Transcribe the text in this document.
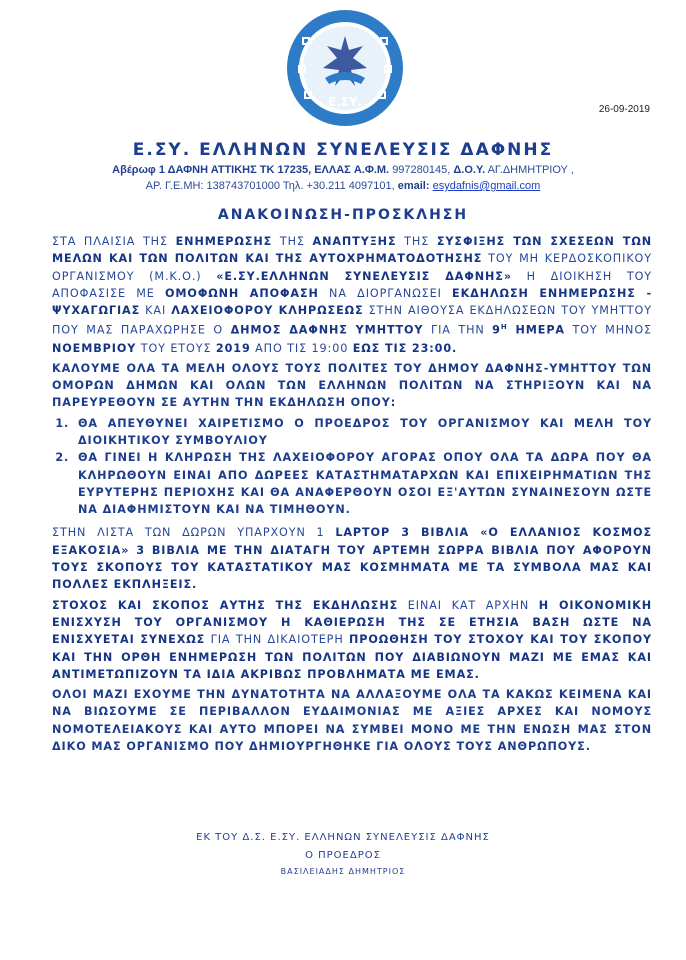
Ε.ΣΥ.
26-09-2019
Ε.ΣΥ. ΕΛΛΗΝΩΝ ΣΥΝΕΛΕΥΣΙΣ ΔΑΦΝΗΣ
Αβέρωφ 1 ΔΑΦΝΗ ΑΤΤΙΚΗΣ ΤΚ 17235, ΕΛΛΑΣ Α.Φ.Μ. 997280145, Δ.Ο.Υ. ΑΓ.ΔΗΜΗΤΡΙΟΥ ,
ΑΡ. Γ.Ε.ΜΗ: 138743701000 Τηλ. +30.211 4097101, email: esydafnis@gmail.com
ΑΝΑΚΟΙΝΩΣΗ-ΠΡΟΣΚΛΗΣΗ

ΣΤΑ ΠΛΑΙΣΙΑ ΤΗΣ ΕΝΗΜΕΡΩΣΗΣ ΤΗΣ ΑΝΑΠΤΥΞΗΣ ΤΗΣ ΣΥΣΦΙΞΗΣ ΤΩΝ ΣΧΕΣΕΩΝ ΤΩΝ ΜΕΛΩΝ ΚΑΙ ΤΩΝ ΠΟΛΙΤΩΝ ΚΑΙ ΤΗΣ ΑΥΤΟΧΡΗΜΑΤΟΔΟΤΗΣΗΣ ΤΟΥ ΜΗ ΚΕΡΔΟΣΚΟΠΙΚΟΥ ΟΡΓΑΝΙΣΜΟΥ (Μ.Κ.Ο.) «Ε.ΣΥ.ΕΛΛΗΝΩΝ ΣΥΝΕΛΕΥΣΙΣ ΔΑΦΝΗΣ» Η ΔΙΟΙΚΗΣΗ ΤΟΥ ΑΠΟΦΑΣΙΣΕ ΜΕ ΟΜΟΦΩΝΗ ΑΠΟΦΑΣΗ ΝΑ ΔΙΟΡΓΑΝΩΣΕΙ ΕΚΔΗΛΩΣΗ ΕΝΗΜΕΡΩΣΗΣ - ΨΥΧΑΓΩΓΙΑΣ ΚΑΙ ΛΑΧΕΙΟΦΟΡΟΥ ΚΛΗΡΩΣΕΩΣ ΣΤΗΝ ΑΙΘΟΥΣΑ ΕΚΔΗΛΩΣΕΩΝ ΤΟΥ ΥΜΗΤΤΟΥ ΠΟΥ ΜΑΣ ΠΑΡΑΧΩΡΗΣΕ Ο ΔΗΜΟΣ ΔΑΦΝΗΣ ΥΜΗΤΤΟΥ ΓΙΑ ΤΗΝ $9^H$ ΗΜΕΡΑ ΤΟΥ ΜΗΝΟΣ ΝΟΕΜΒΡΙΟΥ ΤΟΥ ΕΤΟΥΣ 2019 ΑΠΟ ΤΙΣ 19:00 ΕΩΣ ΤΙΣ 23:00.

ΚΑΛΟΥΜΕ ΟΛΑ ΤΑ ΜΕΛΗ ΟΛΟΥΣ ΤΟΥΣ ΠΟΛΙΤΕΣ ΤΟΥ ΔΗΜΟΥ ΔΑΦΝΗΣ-ΥΜΗΤΤΟΥ ΤΩΝ ΟΜΟΡΩΝ ΔΗΜΩΝ ΚΑΙ ΟΛΩΝ ΤΩΝ ΕΛΛΗΝΩΝ ΠΟΛΙΤΩΝ ΝΑ ΣΤΗΡΙΞΟΥΝ ΚΑΙ ΝΑ ΠΑΡΕΥΡΕΘΟΥΝ ΣΕ ΑΥΤΗΝ ΤΗΝ ΕΚΔΗΛΩΣΗ ΟΠΟΥ:

1. ΘΑ ΑΠΕΥΘΥΝΕΙ ΧΑΙΡΕΤΙΣΜΟ Ο ΠΡΟΕΔΡΟΣ ΤΟΥ ΟΡΓΑΝΙΣΜΟΥ ΚΑΙ ΜΕΛΗ ΤΟΥ ΔΙΟΙΚΗΤΙΚΟΥ ΣΥΜΒΟΥΛΙΟΥ
2. ΘΑ ΓΙΝΕΙ Η ΚΛΗΡΩΣΗ ΤΗΣ ΛΑΧΕΙΟΦΟΡΟΥ ΑΓΟΡΑΣ ΟΠΟΥ ΟΛΑ ΤΑ ΔΩΡΑ ΠΟΥ ΘΑ ΚΛΗΡΩΘΟΥΝ ΕΙΝΑΙ ΑΠΟ ΔΩΡΕΕΣ ΚΑΤΑΣΤΗΜΑΤΑΡΧΩΝ ΚΑΙ ΕΠΙΧΕΙΡΗΜΑΤΙΩΝ ΤΗΣ ΕΥΡΥΤΕΡΗΣ ΠΕΡΙΟΧΗΣ ΚΑΙ ΘΑ ΑΝΑΦΕΡΘΟΥΝ ΟΣΟΙ ΕΞ'ΑΥΤΩΝ ΣΥΝΑΙΝΕΣΟΥΝ ΩΣΤΕ ΝΑ ΔΙΑΦΗΜΙΣΤΟΥΝ ΚΑΙ ΝΑ ΤΙΜΗΘΟΥΝ.

ΣΤΗΝ ΛΙΣΤΑ ΤΩΝ ΔΩΡΩΝ ΥΠΑΡΧΟΥΝ 1 LAPTOP 3 ΒΙΒΛΙΑ «Ο ΕΛΛΑΝΙΟΣ ΚΟΣΜΟΣ ΕΞΑΚΟΣΙΑ» 3 ΒΙΒΛΙΑ ΜΕ ΤΗΝ ΔΙΑΤΑΓΗ ΤΟΥ ΑΡΤΕΜΗ ΣΩΡΡΑ ΒΙΒΛΙΑ ΠΟΥ ΑΦΟΡΟΥΝ ΤΟΥΣ ΣΚΟΠΟΥΣ ΤΟΥ ΚΑΤΑΣΤΑΤΙΚΟΥ ΜΑΣ ΚΟΣΜΗΜΑΤΑ ΜΕ ΤΑ ΣΥΜΒΟΛΑ ΜΑΣ ΚΑΙ ΠΟΛΛΕΣ ΕΚΠΛΗΞΕΙΣ.

ΣΤΟΧΟΣ ΚΑΙ ΣΚΟΠΟΣ ΑΥΤΗΣ ΤΗΣ ΕΚΔΗΛΩΣΗΣ ΕΙΝΑΙ ΚΑΤ ΑΡΧΗΝ Η ΟΙΚΟΝΟΜΙΚΗ ΕΝΙΣΧΥΣΗ ΤΟΥ ΟΡΓΑΝΙΣΜΟΥ Η ΚΑΘΙΕΡΩΣΗ ΤΗΣ ΣΕ ΕΤΗΣΙΑ ΒΑΣΗ ΩΣΤΕ ΝΑ ΕΝΙΣΧΥΕΤΑΙ ΣΥΝΕΧΩΣ ΓΙΑ ΤΗΝ ΔΙΚΑΙΟΤΕΡΗ ΠΡΟΩΘΗΣΗ ΤΟΥ ΣΤΟΧΟΥ ΚΑΙ ΤΟΥ ΣΚΟΠΟΥ ΚΑΙ ΤΗΝ ΟΡΘΗ ΕΝΗΜΕΡΩΣΗ ΤΩΝ ΠΟΛΙΤΩΝ ΠΟΥ ΔΙΑΒΙΩΝΟΥΝ ΜΑΖΙ ΜΕ ΕΜΑΣ ΚΑΙ ΑΝΤΙΜΕΤΩΠΙΖΟΥΝ ΤΑ ΙΔΙΑ ΑΚΡΙΒΩΣ ΠΡΟΒΛΗΜΑΤΑ ΜΕ ΕΜΑΣ.

ΟΛΟΙ ΜΑΖΙ ΕΧΟΥΜΕ ΤΗΝ ΔΥΝΑΤΟΤΗΤΑ ΝΑ ΑΛΛΑΞΟΥΜΕ ΟΛΑ ΤΑ ΚΑΚΩΣ ΚΕΙΜΕΝΑ ΚΑΙ ΝΑ ΒΙΩΣΟΥΜΕ ΣΕ ΠΕΡΙΒΑΛΛΟΝ ΕΥΔΑΙΜΟΝΙΑΣ ΜΕ ΑΞΙΕΣ ΑΡΧΕΣ ΚΑΙ ΝΟΜΟΥΣ ΝΟΜΟΤΕΛΕΙΑΚΟΥΣ ΚΑΙ ΑΥΤΟ ΜΠΟΡΕΙ ΝΑ ΣΥΜΒΕΙ ΜΟΝΟ ΜΕ ΤΗΝ ΕΝΩΣΗ ΜΑΣ ΣΤΟΝ ΔΙΚΟ ΜΑΣ ΟΡΓΑΝΙΣΜΟ ΠΟΥ ΔΗΜΙΟΥΡΓΗΘΗΚΕ ΓΙΑ ΟΛΟΥΣ ΤΟΥΣ ΑΝΘΡΩΠΟΥΣ.

ΕΚ ΤΟΥ Δ.Σ. Ε.ΣΥ. ΕΛΛΗΝΩΝ ΣΥΝΕΛΕΥΣΙΣ ΔΑΦΝΗΣ
Ο ΠΡΟΕΔΡΟΣ
ΒΑΣΙΛΕΙΑΔΗΣ ΔΗΜΗΤΡΙΟΣ
